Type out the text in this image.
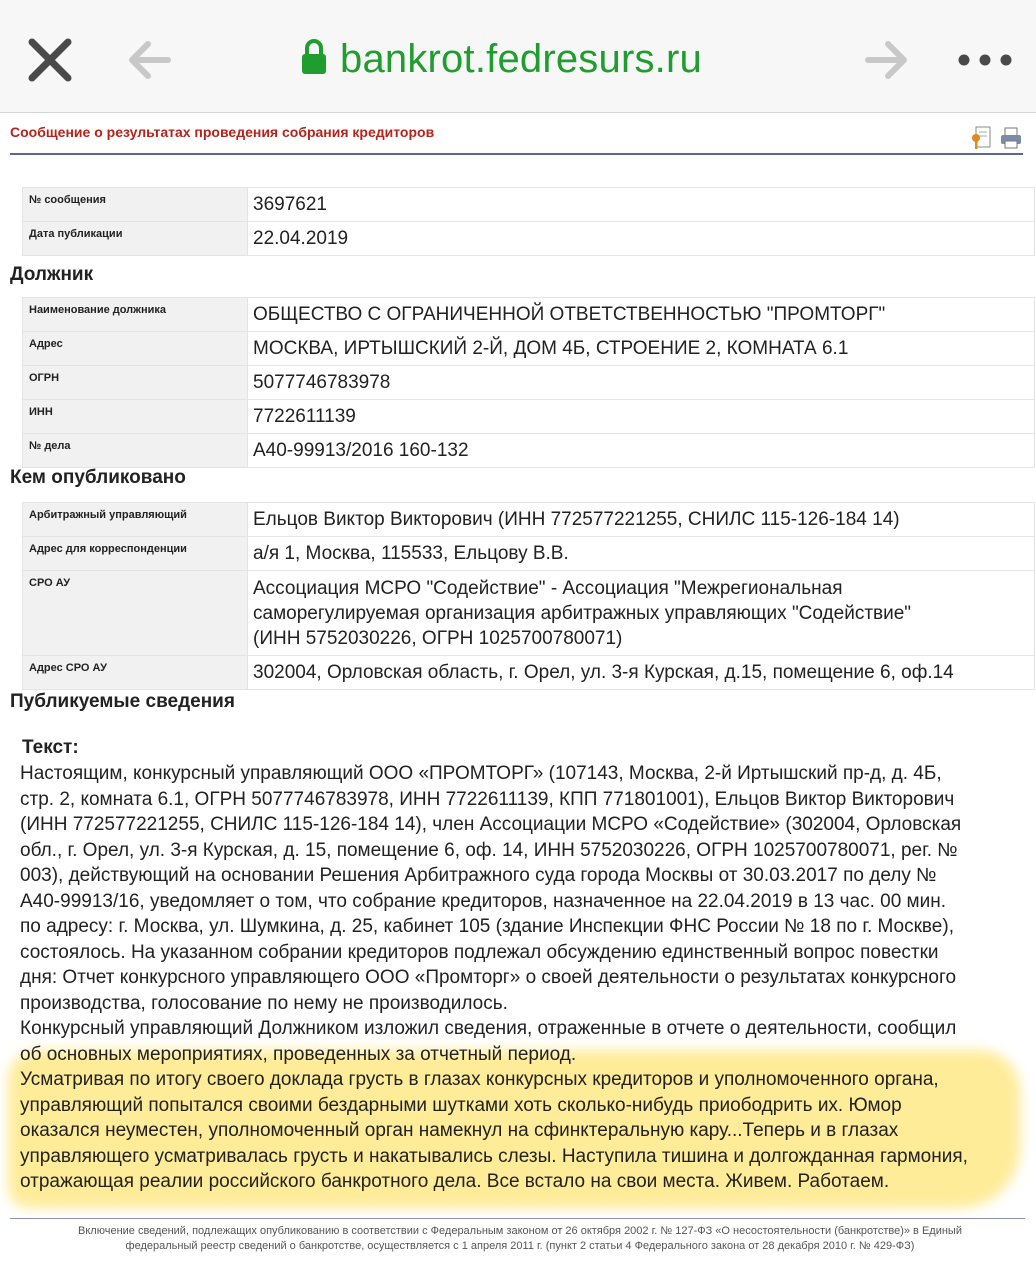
bankrot.fedresurs.ru
Сообщение о результатах проведения собрания кредиторов
№ сообщения	3697621
Дата публикации	22.04.2019
Должник
Наименование должника	ОБЩЕСТВО С ОГРАНИЧЕННОЙ ОТВЕТСТВЕННОСТЬЮ "ПРОМТОРГ"
Адрес	МОСКВА, ИРТЫШСКИЙ 2-Й, ДОМ 4Б, СТРОЕНИЕ 2, КОМНАТА 6.1
ОГРН	5077746783978
ИНН	7722611139
№ дела	А40-99913/2016 160-132
Кем опубликовано
Арбитражный управляющий	Ельцов Виктор Викторович (ИНН 772577221255, СНИЛС 115-126-184 14)
Адрес для корреспонденции	а/я 1, Москва, 115533, Ельцову В.В.
СРО АУ	Ассоциация МСРО "Содействие" - Ассоциация "Межрегиональная
саморегулируемая организация арбитражных управляющих "Содействие"
(ИНН 5752030226, ОГРН 1025700780071)

Адрес СРО АУ	302004, Орловская область, г. Орел, ул. 3-я Курская, д.15, помещение 6, оф.14
Публикуемые сведения
Текст:

Настоящим, конкурсный управляющий ООО «ПРОМТОРГ» (107143, Москва, 2-й Иртышский пр-д, д. 4Б,
стр. 2, комната 6.1, ОГРН 5077746783978, ИНН 7722611139, КПП 771801001), Ельцов Виктор Викторович
(ИНН 772577221255, СНИЛС 115-126-184 14), член Ассоциации МСРО «Содействие» (302004, Орловская
обл., г. Орел, ул. 3-я Курская, д. 15, помещение 6, оф. 14, ИНН 5752030226, ОГРН 1025700780071, рег. №
003), действующий на основании Решения Арбитражного суда города Москвы от 30.03.2017 по делу №
А40-99913/16, уведомляет о том, что собрание кредиторов, назначенное на 22.04.2019 в 13 час. 00 мин.
по адресу: г. Москва, ул. Шумкина, д. 25, кабинет 105 (здание Инспекции ФНС России № 18 по г. Москве),
состоялось. На указанном собрании кредиторов подлежал обсуждению единственный вопрос повестки
дня: Отчет конкурсного управляющего ООО «Промторг» о своей деятельности о результатах конкурсного
производства, голосование по нему не производилось.

Конкурсный управляющий Должником изложил сведения, отраженные в отчете о деятельности, сообщил
об основных мероприятиях, проведенных за отчетный период.

Усматривая по итогу своего доклада грусть в глазах конкурсных кредиторов и уполномоченного органа,
управляющий попытался своими бездарными шутками хоть сколько-нибудь приободрить их. Юмор
оказался неуместен, уполномоченный орган намекнул на сфинктеральную кару...Теперь и в глазах
управляющего усматривалась грусть и накатывались слезы. Наступила тишина и долгожданная гармония,
отражающая реалии российского банкротного дела. Все встало на свои места. Живем. Работаем.

Включение сведений, подлежащих опубликованию в соответствии с Федеральным законом от 26 октября 2002 г. № 127-ФЗ «О несостоятельности (банкротстве)» в Единый
федеральный реестр сведений о банкротстве, осуществляется с 1 апреля 2011 г. (пункт 2 статьи 4 Федерального закона от 28 декабря 2010 г. № 429-ФЗ)
